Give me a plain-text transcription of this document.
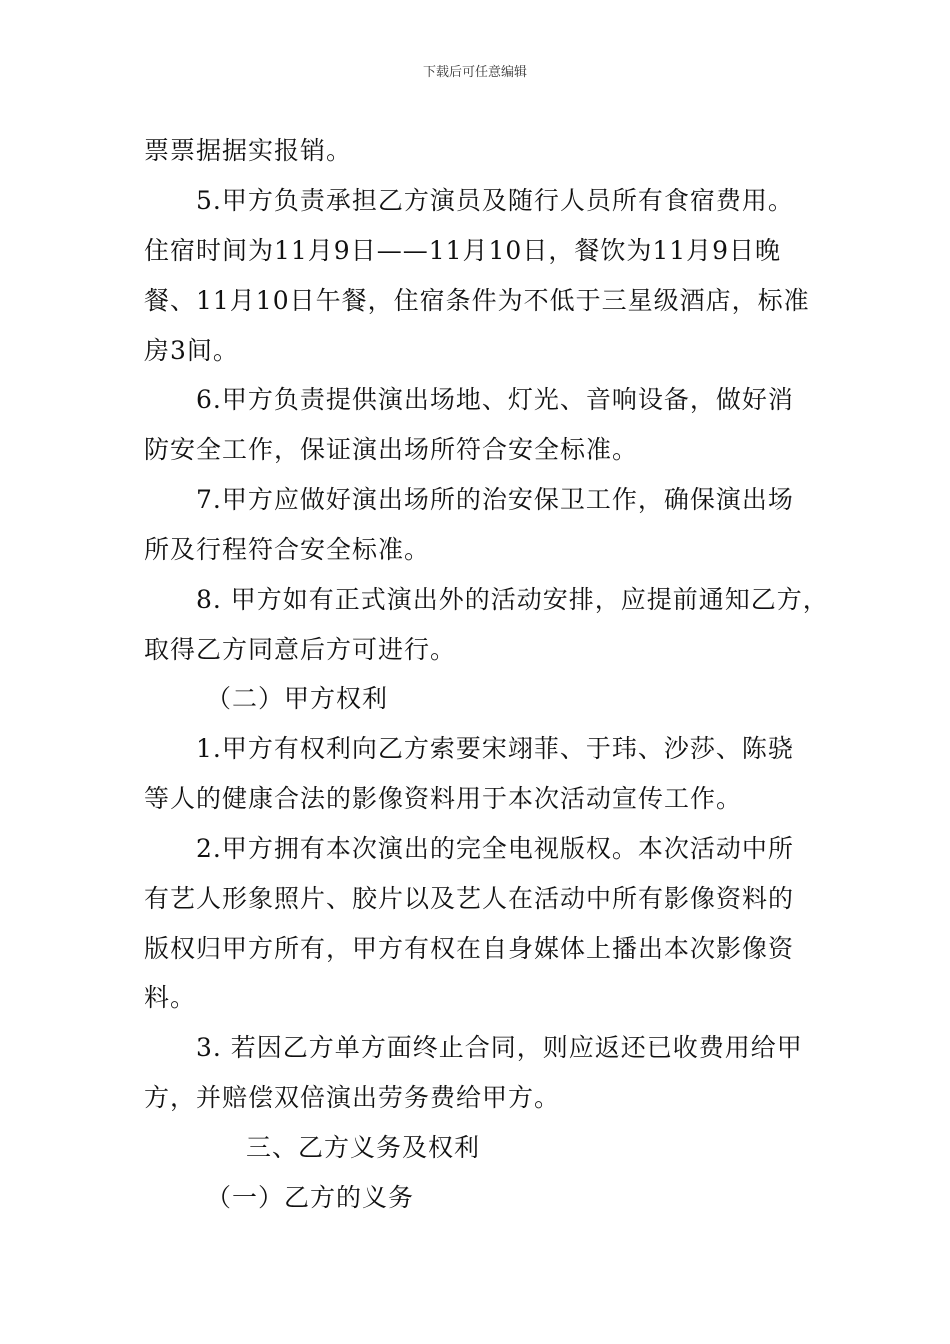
下载后可任意编辑
票票据据实报销。
5.甲方负责承担乙方演员及随行人员所有食宿费用。
住宿时间为11月9日——11月10日，餐饮为11月9日晚
餐、11月10日午餐，住宿条件为不低于三星级酒店，标准
房3间。
6.甲方负责提供演出场地、灯光、音响设备，做好消
防安全工作，保证演出场所符合安全标准。
7.甲方应做好演出场所的治安保卫工作，确保演出场
所及行程符合安全标准。
8. 甲方如有正式演出外的活动安排，应提前通知乙方，
取得乙方同意后方可进行。
（二）甲方权利
1.甲方有权利向乙方索要宋翊菲、于玮、沙莎、陈骁
等人的健康合法的影像资料用于本次活动宣传工作。
2.甲方拥有本次演出的完全电视版权。本次活动中所
有艺人形象照片、胶片以及艺人在活动中所有影像资料的
版权归甲方所有，甲方有权在自身媒体上播出本次影像资
料。
3. 若因乙方单方面终止合同，则应返还已收费用给甲
方，并赔偿双倍演出劳务费给甲方。
三、乙方义务及权利
（一）乙方的义务
